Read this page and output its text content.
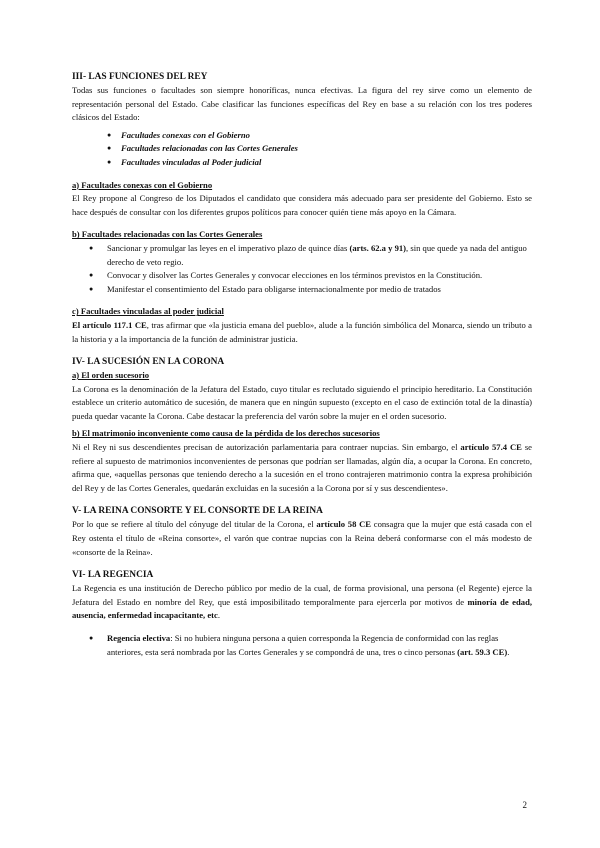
III- LAS FUNCIONES DEL REY

Todas sus funciones o facultades son siempre honoríficas, nunca efectivas. La figura del rey sirve como un elemento de representación personal del Estado. Cabe clasificar las funciones específicas del Rey en base a su relación con los tres poderes clásicos del Estado:

● Facultades conexas con el Gobierno
● Facultades relacionadas con las Cortes Generales
● Facultades vinculadas al Poder judicial

a) Facultades conexas con el Gobierno

El Rey propone al Congreso de los Diputados el candidato que considera más adecuado para ser presidente del Gobierno. Esto se hace después de consultar con los diferentes grupos políticos para conocer quién tiene más apoyo en la Cámara.

b) Facultades relacionadas con las Cortes Generales

● Sancionar y promulgar las leyes en el imperativo plazo de quince días (arts. 62.a y 91), sin que quede ya nada del antiguo derecho de veto regio.
● Convocar y disolver las Cortes Generales y convocar elecciones en los términos previstos en la Constitución.
● Manifestar el consentimiento del Estado para obligarse internacionalmente por medio de tratados

c) Facultades vinculadas al poder judicial

El artículo 117.1 CE, tras afirmar que «la justicia emana del pueblo», alude a la función simbólica del Monarca, siendo un tributo a la historia y a la importancia de la función de administrar justicia.

IV- LA SUCESIÓN EN LA CORONA

a) El orden sucesorio

La Corona es la denominación de la Jefatura del Estado, cuyo titular es reclutado siguiendo el principio hereditario. La Constitución establece un criterio automático de sucesión, de manera que en ningún supuesto (excepto en el caso de extinción total de la dinastía) pueda quedar vacante la Corona. Cabe destacar la preferencia del varón sobre la mujer en el orden sucesorio.

b) El matrimonio inconveniente como causa de la pérdida de los derechos sucesorios

Ni el Rey ni sus descendientes precisan de autorización parlamentaria para contraer nupcias. Sin embargo, el artículo 57.4 CE se refiere al supuesto de matrimonios inconvenientes de personas que podrían ser llamadas, algún día, a ocupar la Corona. En concreto, afirma que, «aquellas personas que teniendo derecho a la sucesión en el trono contrajeren matrimonio contra la expresa prohibición del Rey y de las Cortes Generales, quedarán excluidas en la sucesión a la Corona por sí y sus descendientes».

V- LA REINA CONSORTE Y EL CONSORTE DE LA REINA

Por lo que se refiere al título del cónyuge del titular de la Corona, el artículo 58 CE consagra que la mujer que está casada con el Rey ostenta el título de «Reina consorte», el varón que contrae nupcias con la Reina deberá conformarse con el más modesto de «consorte de la Reina».

VI- LA REGENCIA

La Regencia es una institución de Derecho público por medio de la cual, de forma provisional, una persona (el Regente) ejerce la Jefatura del Estado en nombre del Rey, que está imposibilitado temporalmente para ejercerla por motivos de minoría de edad, ausencia, enfermedad incapacitante, etc.

● Regencia electiva: Si no hubiera ninguna persona a quien corresponda la Regencia de conformidad con las reglas anteriores, esta será nombrada por las Cortes Generales y se compondrá de una, tres o cinco personas (art. 59.3 CE).
2
